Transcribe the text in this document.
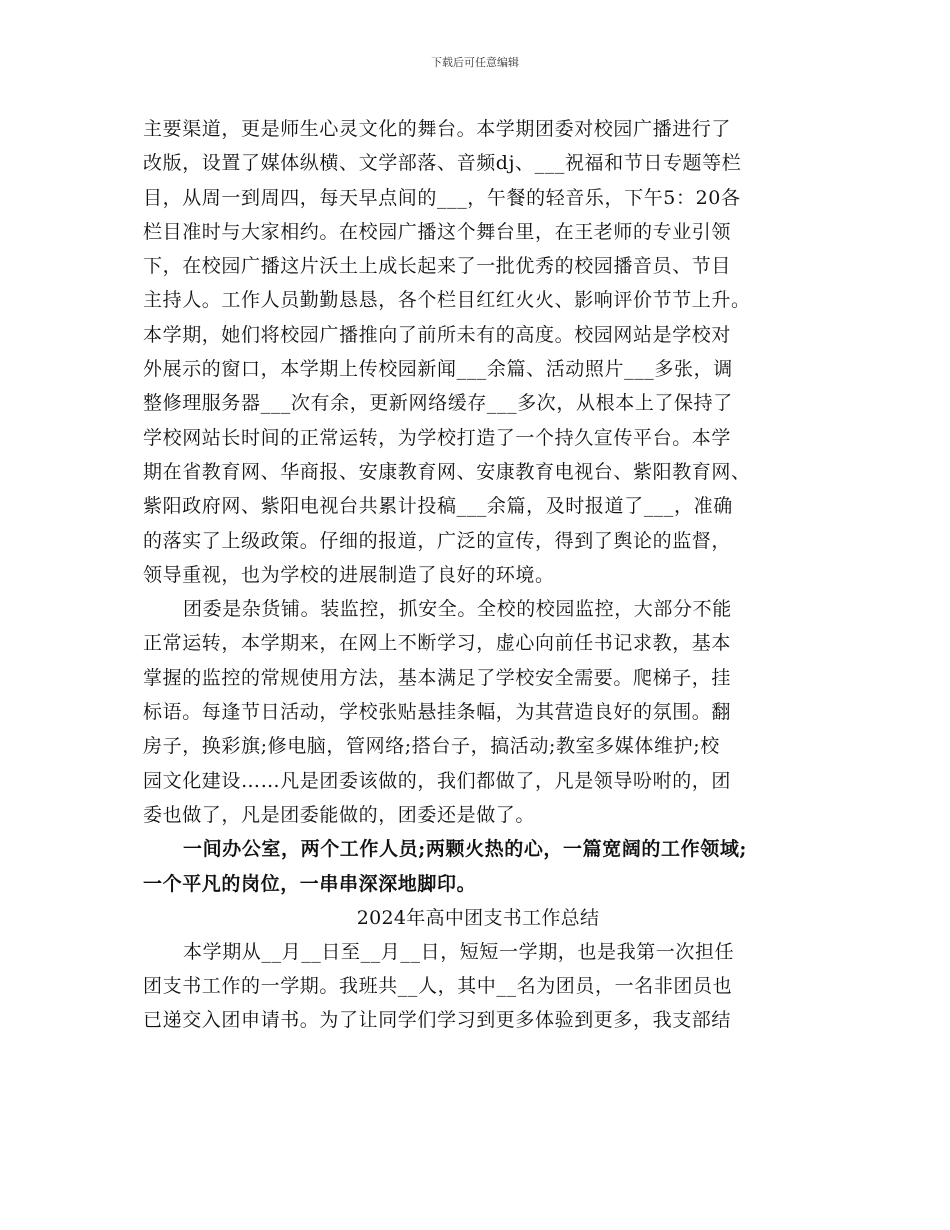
下载后可任意编辑
主要渠道，更是师生心灵文化的舞台。本学期团委对校园广播进行了
改版，设置了媒体纵横、文学部落、音频dj、___祝福和节日专题等栏
目，从周一到周四，每天早点间的___，午餐的轻音乐，下午5：20各
栏目准时与大家相约。在校园广播这个舞台里，在王老师的专业引领
下，在校园广播这片沃土上成长起来了一批优秀的校园播音员、节目
主持人。工作人员勤勤恳恳，各个栏目红红火火、影响评价节节上升。
本学期，她们将校园广播推向了前所未有的高度。校园网站是学校对
外展示的窗口，本学期上传校园新闻___余篇、活动照片___多张，调
整修理服务器___次有余，更新网络缓存___多次，从根本上了保持了
学校网站长时间的正常运转，为学校打造了一个持久宣传平台。本学
期在省教育网、华商报、安康教育网、安康教育电视台、紫阳教育网、
紫阳政府网、紫阳电视台共累计投稿___余篇，及时报道了___，准确
的落实了上级政策。仔细的报道，广泛的宣传，得到了舆论的监督，
领导重视，也为学校的进展制造了良好的环境。
团委是杂货铺。装监控，抓安全。全校的校园监控，大部分不能
正常运转，本学期来，在网上不断学习，虚心向前任书记求教，基本
掌握的监控的常规使用方法，基本满足了学校安全需要。爬梯子，挂
标语。每逢节日活动，学校张贴悬挂条幅，为其营造良好的氛围。翻
房子，换彩旗;修电脑，管网络;搭台子，搞活动;教室多媒体维护;校
园文化建设……凡是团委该做的，我们都做了，凡是领导吩咐的，团
委也做了，凡是团委能做的，团委还是做了。
一间办公室，两个工作人员;两颗火热的心，一篇宽阔的工作领域;
一个平凡的岗位，一串串深深地脚印。
2024年高中团支书工作总结
本学期从__月__日至__月__日，短短一学期，也是我第一次担任
团支书工作的一学期。我班共__人，其中__名为团员，一名非团员也
已递交入团申请书。为了让同学们学习到更多体验到更多，我支部结
